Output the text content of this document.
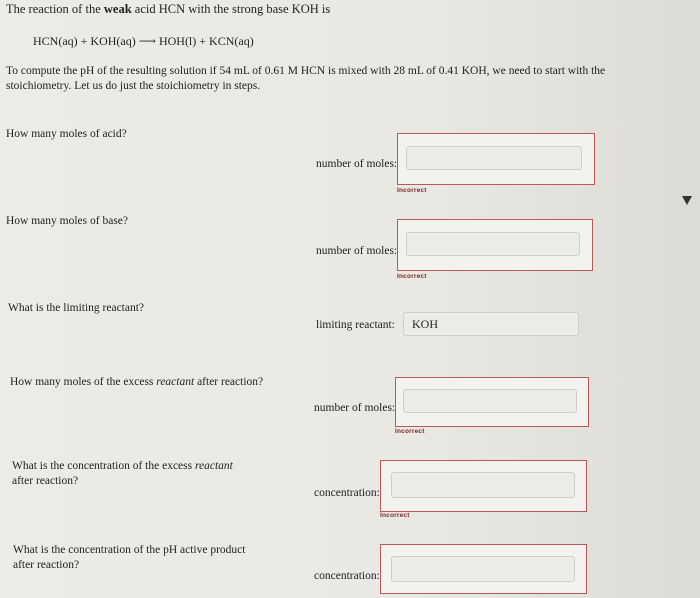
The reaction of the weak acid HCN with the strong base KOH is
HCN(aq) + KOH(aq) ⟶ HOH(l) + KCN(aq)
To compute the pH of the resulting solution if 54 mL of 0.61 M HCN is mixed with 28 mL of 0.41 KOH, we need to start with the stoichiometry. Let us do just the stoichiometry in steps.
How many moles of acid?
number of moles:
Incorrect
How many moles of base?
number of moles:
Incorrect
What is the limiting reactant?
limiting reactant:
KOH
How many moles of the excess reactant after reaction?
number of moles:
Incorrect
What is the concentration of the excess reactant after reaction?
concentration:
Incorrect
What is the concentration of the pH active product after reaction?
concentration:
